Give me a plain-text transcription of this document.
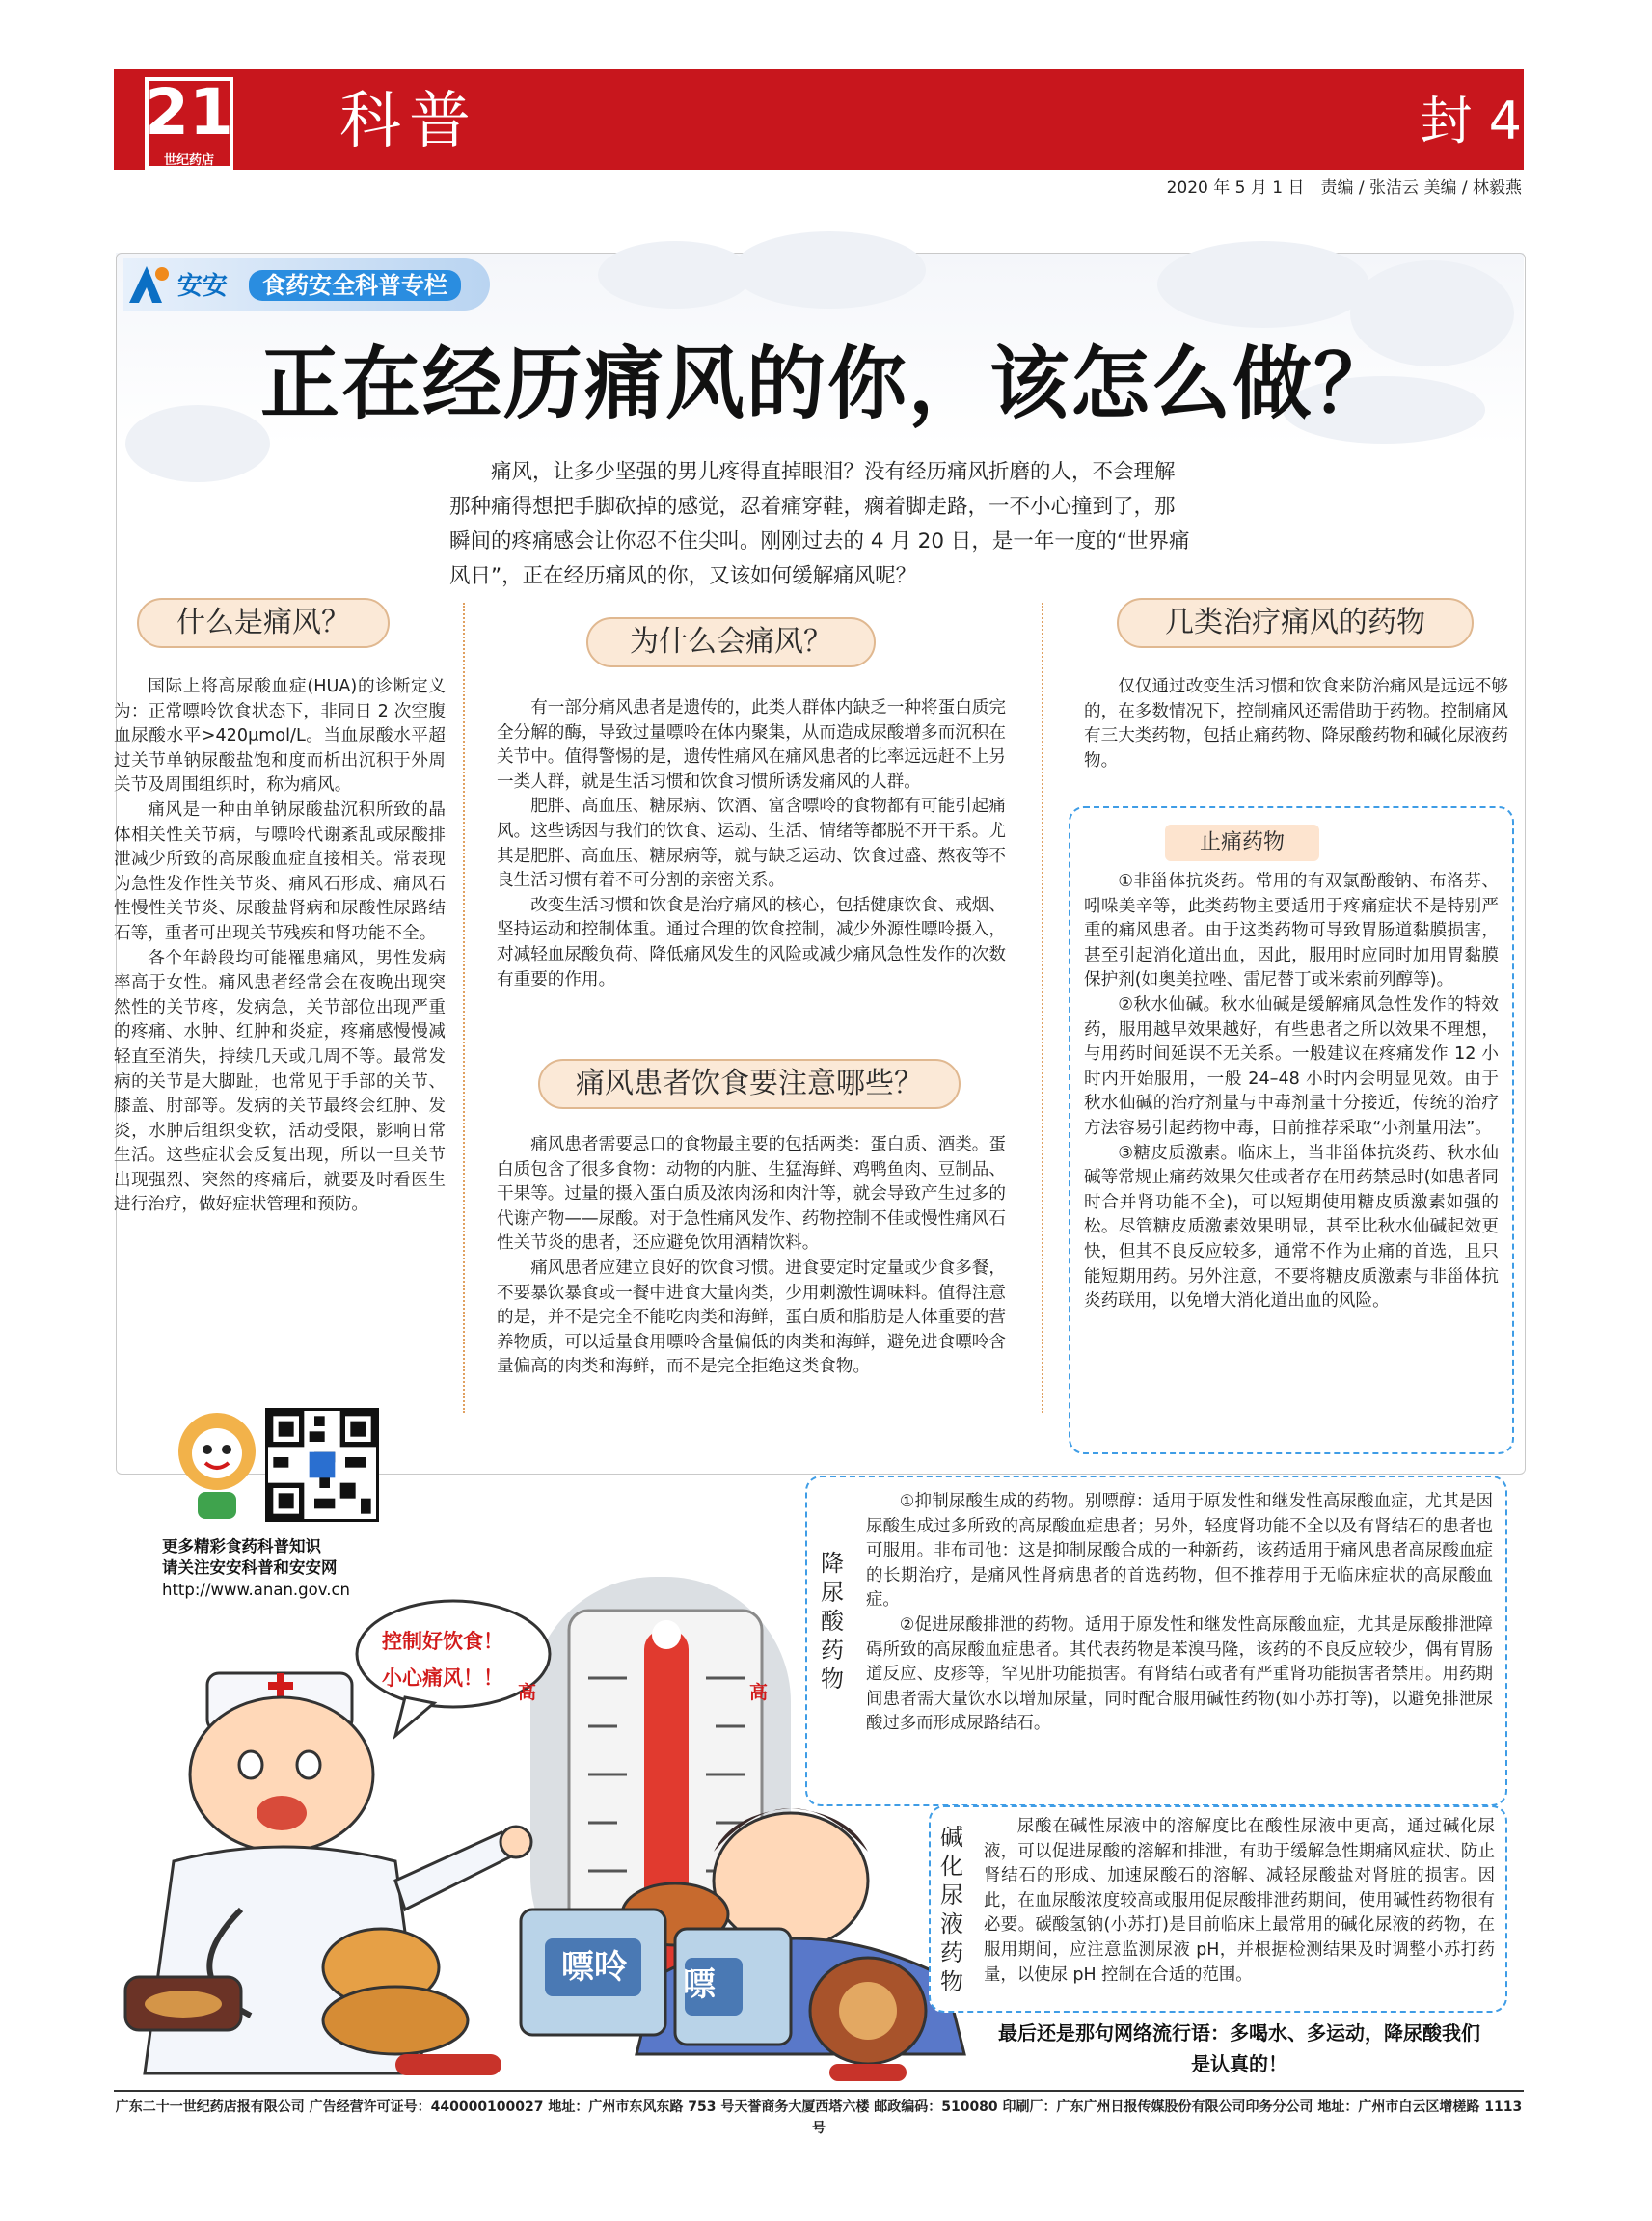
21
世纪药店
科普	封 4
2020 年 5 月 1 日　责编 / 张洁云 美编 / 林毅燕
安安	食药安全科普专栏
正在经历痛风的你，该怎么做？
痛风，让多少坚强的男儿疼得直掉眼泪？没有经历痛风折磨的人，不会理解那种痛得想把手脚砍掉的感觉，忍着痛穿鞋，瘸着脚走路，一不小心撞到了，那瞬间的疼痛感会让你忍不住尖叫。刚刚过去的 4 月 20 日，是一年一度的“世界痛风日”，正在经历痛风的你，又该如何缓解痛风呢？
什么是痛风？

国际上将高尿酸血症(HUA)的诊断定义为：正常嘌呤饮食状态下，非同日 2 次空腹血尿酸水平>420μmol/L。当血尿酸水平超过关节单钠尿酸盐饱和度而析出沉积于外周关节及周围组织时，称为痛风。

痛风是一种由单钠尿酸盐沉积所致的晶体相关性关节病，与嘌呤代谢紊乱或尿酸排泄减少所致的高尿酸血症直接相关。常表现为急性发作性关节炎、痛风石形成、痛风石性慢性关节炎、尿酸盐肾病和尿酸性尿路结石等，重者可出现关节残疾和肾功能不全。

各个年龄段均可能罹患痛风，男性发病率高于女性。痛风患者经常会在夜晚出现突然性的关节疼，发病急，关节部位出现严重的疼痛、水肿、红肿和炎症，疼痛感慢慢减轻直至消失，持续几天或几周不等。最常发病的关节是大脚趾，也常见于手部的关节、膝盖、肘部等。发病的关节最终会红肿、发炎，水肿后组织变软，活动受限，影响日常生活。这些症状会反复出现，所以一旦关节出现强烈、突然的疼痛后，就要及时看医生进行治疗，做好症状管理和预防。

为什么会痛风？

有一部分痛风患者是遗传的，此类人群体内缺乏一种将蛋白质完全分解的酶，导致过量嘌呤在体内聚集，从而造成尿酸增多而沉积在关节中。值得警惕的是，遗传性痛风在痛风患者的比率远远赶不上另一类人群，就是生活习惯和饮食习惯所诱发痛风的人群。

肥胖、高血压、糖尿病、饮酒、富含嘌呤的食物都有可能引起痛风。这些诱因与我们的饮食、运动、生活、情绪等都脱不开干系。尤其是肥胖、高血压、糖尿病等，就与缺乏运动、饮食过盛、熬夜等不良生活习惯有着不可分割的亲密关系。

改变生活习惯和饮食是治疗痛风的核心，包括健康饮食、戒烟、坚持运动和控制体重。通过合理的饮食控制，减少外源性嘌呤摄入，对减轻血尿酸负荷、降低痛风发生的风险或减少痛风急性发作的次数有重要的作用。

痛风患者饮食要注意哪些？

痛风患者需要忌口的食物最主要的包括两类：蛋白质、酒类。蛋白质包含了很多食物：动物的内脏、生猛海鲜、鸡鸭鱼肉、豆制品、干果等。过量的摄入蛋白质及浓肉汤和肉汁等，就会导致产生过多的代谢产物——尿酸。对于急性痛风发作、药物控制不佳或慢性痛风石性关节炎的患者，还应避免饮用酒精饮料。

痛风患者应建立良好的饮食习惯。进食要定时定量或少食多餐，不要暴饮暴食或一餐中进食大量肉类，少用刺激性调味料。值得注意的是，并不是完全不能吃肉类和海鲜，蛋白质和脂肪是人体重要的营养物质，可以适量食用嘌呤含量偏低的肉类和海鲜，避免进食嘌呤含量偏高的肉类和海鲜，而不是完全拒绝这类食物。

几类治疗痛风的药物

仅仅通过改变生活习惯和饮食来防治痛风是远远不够的，在多数情况下，控制痛风还需借助于药物。控制痛风有三大类药物，包括止痛药物、降尿酸药物和碱化尿液药物。

止痛药物

①非甾体抗炎药。常用的有双氯酚酸钠、布洛芬、吲哚美辛等，此类药物主要适用于疼痛症状不是特别严重的痛风患者。由于这类药物可导致胃肠道黏膜损害，甚至引起消化道出血，因此，服用时应同时加用胃黏膜保护剂(如奥美拉唑、雷尼替丁或米索前列醇等)。

②秋水仙碱。秋水仙碱是缓解痛风急性发作的特效药，服用越早效果越好，有些患者之所以效果不理想，与用药时间延误不无关系。一般建议在疼痛发作 12 小时内开始服用，一般 24–48 小时内会明显见效。由于秋水仙碱的治疗剂量与中毒剂量十分接近，传统的治疗方法容易引起药物中毒，目前推荐采取“小剂量用法”。

③糖皮质激素。临床上，当非甾体抗炎药、秋水仙碱等常规止痛药效果欠佳或者存在用药禁忌时(如患者同时合并肾功能不全)，可以短期使用糖皮质激素如强的松。尽管糖皮质激素效果明显，甚至比秋水仙碱起效更快，但其不良反应较多，通常不作为止痛的首选，且只能短期用药。另外注意，不要将糖皮质激素与非甾体抗炎药联用，以免增大消化道出血的风险。

更多精彩食药科普知识
请关注安安科普和安安网
http://www.anan.gov.cn
控制好饮食！
小心痛风！！
高	高
嘌呤 嘌
降尿酸药物

①抑制尿酸生成的药物。别嘌醇：适用于原发性和继发性高尿酸血症，尤其是因尿酸生成过多所致的高尿酸血症患者；另外，轻度肾功能不全以及有肾结石的患者也可服用。非布司他：这是抑制尿酸合成的一种新药，该药适用于痛风患者高尿酸血症的长期治疗，是痛风性肾病患者的首选药物，但不推荐用于无临床症状的高尿酸血症。

②促进尿酸排泄的药物。适用于原发性和继发性高尿酸血症，尤其是尿酸排泄障碍所致的高尿酸血症患者。其代表药物是苯溴马隆，该药的不良反应较少，偶有胃肠道反应、皮疹等，罕见肝功能损害。有肾结石或者有严重肾功能损害者禁用。用药期间患者需大量饮水以增加尿量，同时配合服用碱性药物(如小苏打等)，以避免排泄尿酸过多而形成尿路结石。

碱化尿液药物

尿酸在碱性尿液中的溶解度比在酸性尿液中更高，通过碱化尿液，可以促进尿酸的溶解和排泄，有助于缓解急性期痛风症状、防止肾结石的形成、加速尿酸石的溶解、减轻尿酸盐对肾脏的损害。因此，在血尿酸浓度较高或服用促尿酸排泄药期间，使用碱性药物很有必要。碳酸氢钠(小苏打)是目前临床上最常用的碱化尿液的药物，在服用期间，应注意监测尿液 pH，并根据检测结果及时调整小苏打药量，以使尿 pH 控制在合适的范围。

最后还是那句网络流行语：多喝水、多运动，降尿酸我们是认真的！
广东二十一世纪药店报有限公司 广告经营许可证号：440000100027 地址：广州市东风东路 753 号天誉商务大厦西塔六楼 邮政编码：510080 印刷厂：广东广州日报传媒股份有限公司印务分公司 地址：广州市白云区增槎路 1113 号
